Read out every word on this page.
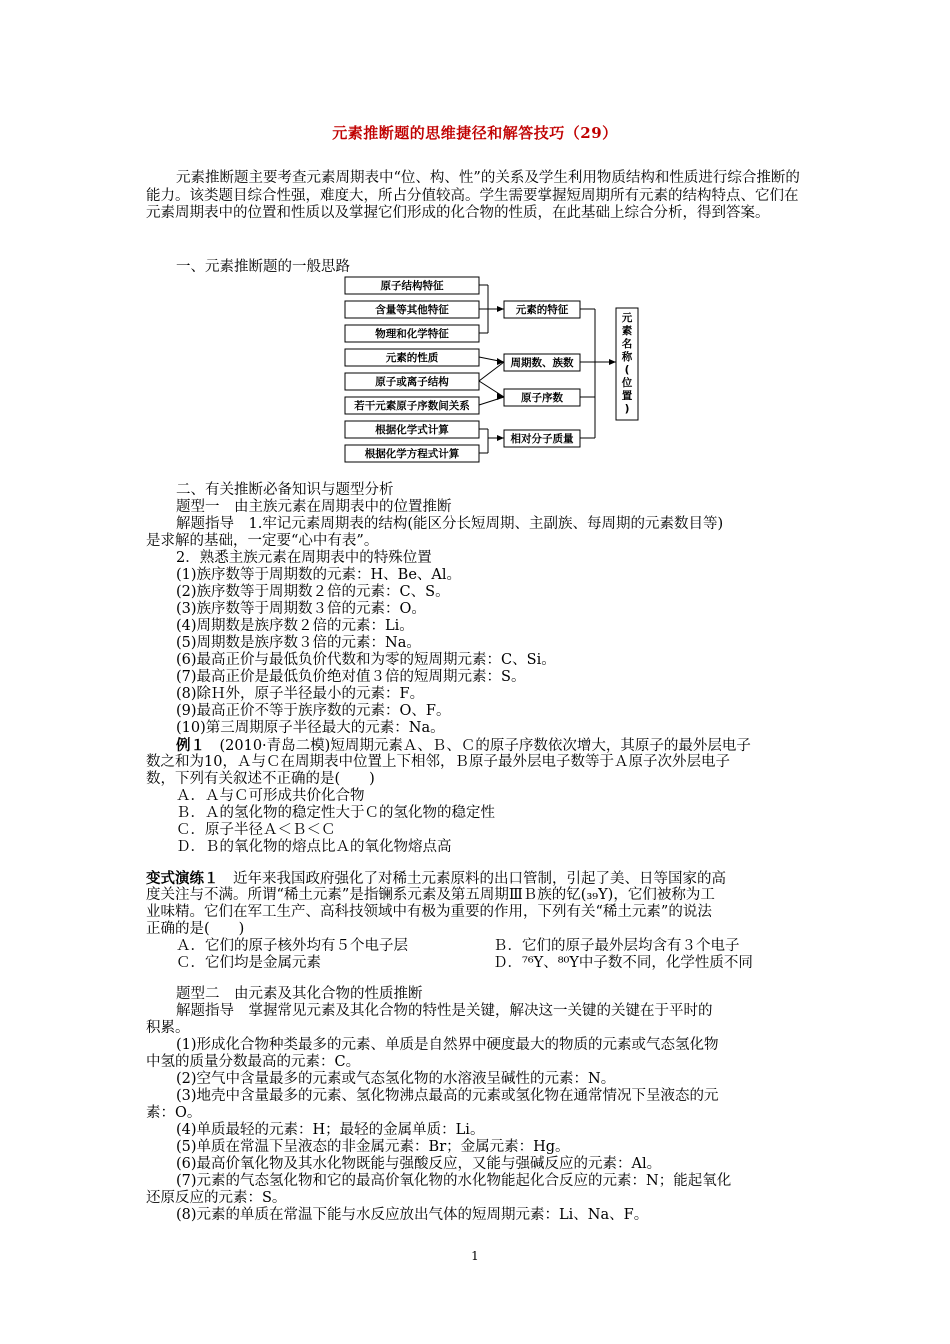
元素推断题的思维捷径和解答技巧（29）
元素推断题主要考查元素周期表中“位、构、性”的关系及学生利用物质结构和性质进行综合推断的能力。该类题目综合性强，难度大，所占分值较高。学生需要掌握短周期所有元素的结构特点、它们在元素周期表中的位置和性质以及掌握它们形成的化合物的性质，在此基础上综合分析，得到答案。
一、元素推断题的一般思路
原子结构特征
含量等其他特征
物理和化学特征
元素的性质
原子或离子结构
若干元素原子序数间关系
根据化学式计算
根据化学方程式计算
元素的特征
周期数、族数
原子序数
相对分子质量
元
素
名
称
(
位
置
)
二、有关推断必备知识与题型分析
题型一　由主族元素在周期表中的位置推断
解题指导　1.牢记元素周期表的结构(能区分长短周期、主副族、每周期的元素数目等)
是求解的基础，一定要“心中有表”。
2．熟悉主族元素在周期表中的特殊位置
(1)族序数等于周期数的元素：H、Be、Al。
(2)族序数等于周期数２倍的元素：C、S。
(3)族序数等于周期数３倍的元素：O。
(4)周期数是族序数２倍的元素：Li。
(5)周期数是族序数３倍的元素：Na。
(6)最高正价与最低负价代数和为零的短周期元素：C、Si。
(7)最高正价是最低负价绝对值３倍的短周期元素：S。
(8)除Ｈ外，原子半径最小的元素：F。
(9)最高正价不等于族序数的元素：O、F。
(10)第三周期原子半径最大的元素：Na。
例１　(2010·青岛二模)短周期元素Ａ、Ｂ、Ｃ的原子序数依次增大，其原子的最外层电子
数之和为10，Ａ与Ｃ在周期表中位置上下相邻，Ｂ原子最外层电子数等于Ａ原子次外层电子
数，下列有关叙述不正确的是(　　)
Ａ．Ａ与Ｃ可形成共价化合物
Ｂ．Ａ的氢化物的稳定性大于Ｃ的氢化物的稳定性
Ｃ．原子半径Ａ＜Ｂ＜Ｃ
Ｄ．Ｂ的氧化物的熔点比Ａ的氧化物熔点高
变式演练１　近年来我国政府强化了对稀土元素原料的出口管制，引起了美、日等国家的高
度关注与不满。所谓“稀土元素”是指镧系元素及第五周期ⅢＢ族的钇(₃₉Y)，它们被称为工
业味精。它们在军工生产、高科技领域中有极为重要的作用，下列有关“稀土元素”的说法
正确的是(　　)
Ａ．它们的原子核外均有５个电子层	Ｂ．它们的原子最外层均含有３个电子
Ｃ．它们均是金属元素	Ｄ．⁷⁶Y、⁸⁰Y中子数不同，化学性质不同
题型二　由元素及其化合物的性质推断
解题指导　掌握常见元素及其化合物的特性是关键，解决这一关键的关键在于平时的
积累。
(1)形成化合物种类最多的元素、单质是自然界中硬度最大的物质的元素或气态氢化物
中氢的质量分数最高的元素：C。
(2)空气中含量最多的元素或气态氢化物的水溶液呈碱性的元素：N。
(3)地壳中含量最多的元素、氢化物沸点最高的元素或氢化物在通常情况下呈液态的元
素：O。
(4)单质最轻的元素：H；最轻的金属单质：Li。
(5)单质在常温下呈液态的非金属元素：Br；金属元素：Hg。
(6)最高价氧化物及其水化物既能与强酸反应，又能与强碱反应的元素：Al。
(7)元素的气态氢化物和它的最高价氧化物的水化物能起化合反应的元素：N；能起氧化
还原反应的元素：S。
(8)元素的单质在常温下能与水反应放出气体的短周期元素：Li、Na、F。
1
